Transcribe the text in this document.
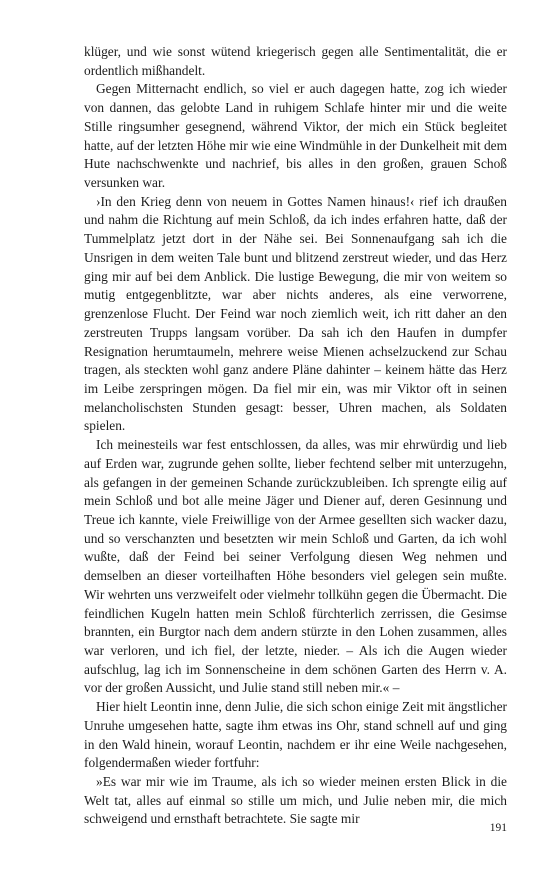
klüger, und wie sonst wütend kriegerisch gegen alle Sentimentalität, die er ordentlich mißhandelt.

Gegen Mitternacht endlich, so viel er auch dagegen hatte, zog ich wieder von dannen, das gelobte Land in ruhigem Schlafe hinter mir und die weite Stille ringsumher gesegnend, während Viktor, der mich ein Stück begleitet hatte, auf der letzten Höhe mir wie eine Windmühle in der Dunkelheit mit dem Hute nachschwenkte und nachrief, bis alles in den großen, grauen Schoß versunken war.

›In den Krieg denn von neuem in Gottes Namen hinaus!‹ rief ich draußen und nahm die Richtung auf mein Schloß, da ich indes erfahren hatte, daß der Tummelplatz jetzt dort in der Nähe sei. Bei Sonnenaufgang sah ich die Unsrigen in dem weiten Tale bunt und blitzend zerstreut wieder, und das Herz ging mir auf bei dem Anblick. Die lustige Bewegung, die mir von weitem so mutig entgegenblitzte, war aber nichts anderes, als eine verworrene, grenzenlose Flucht. Der Feind war noch ziemlich weit, ich ritt daher an den zerstreuten Trupps langsam vorüber. Da sah ich den Haufen in dumpfer Resignation herumtaumeln, mehrere weise Mienen achselzuckend zur Schau tragen, als steckten wohl ganz andere Pläne dahinter – keinem hätte das Herz im Leibe zerspringen mögen. Da fiel mir ein, was mir Viktor oft in seinen melancholischsten Stunden gesagt: besser, Uhren machen, als Soldaten spielen.

Ich meinesteils war fest entschlossen, da alles, was mir ehrwürdig und lieb auf Erden war, zugrunde gehen sollte, lieber fechtend selber mit unterzugehn, als gefangen in der gemeinen Schande zurückzubleiben. Ich sprengte eilig auf mein Schloß und bot alle meine Jäger und Diener auf, deren Gesinnung und Treue ich kannte, viele Freiwillige von der Armee gesellten sich wacker dazu, und so verschanzten und besetzten wir mein Schloß und Garten, da ich wohl wußte, daß der Feind bei seiner Verfolgung diesen Weg nehmen und demselben an dieser vorteilhaften Höhe besonders viel gelegen sein mußte. Wir wehrten uns verzweifelt oder vielmehr tollkühn gegen die Übermacht. Die feindlichen Kugeln hatten mein Schloß fürchterlich zerrissen, die Gesimse brannten, ein Burgtor nach dem andern stürzte in den Lohen zusammen, alles war verloren, und ich fiel, der letzte, nieder. – Als ich die Augen wieder aufschlug, lag ich im Sonnenscheine in dem schönen Garten des Herrn v. A. vor der großen Aussicht, und Julie stand still neben mir.« –

Hier hielt Leontin inne, denn Julie, die sich schon einige Zeit mit ängstlicher Unruhe umgesehen hatte, sagte ihm etwas ins Ohr, stand schnell auf und ging in den Wald hinein, worauf Leontin, nachdem er ihr eine Weile nachgesehen, folgendermaßen wieder fortfuhr:

»Es war mir wie im Traume, als ich so wieder meinen ersten Blick in die Welt tat, alles auf einmal so stille um mich, und Julie neben mir, die mich schweigend und ernsthaft betrachtete. Sie sagte mir

191
